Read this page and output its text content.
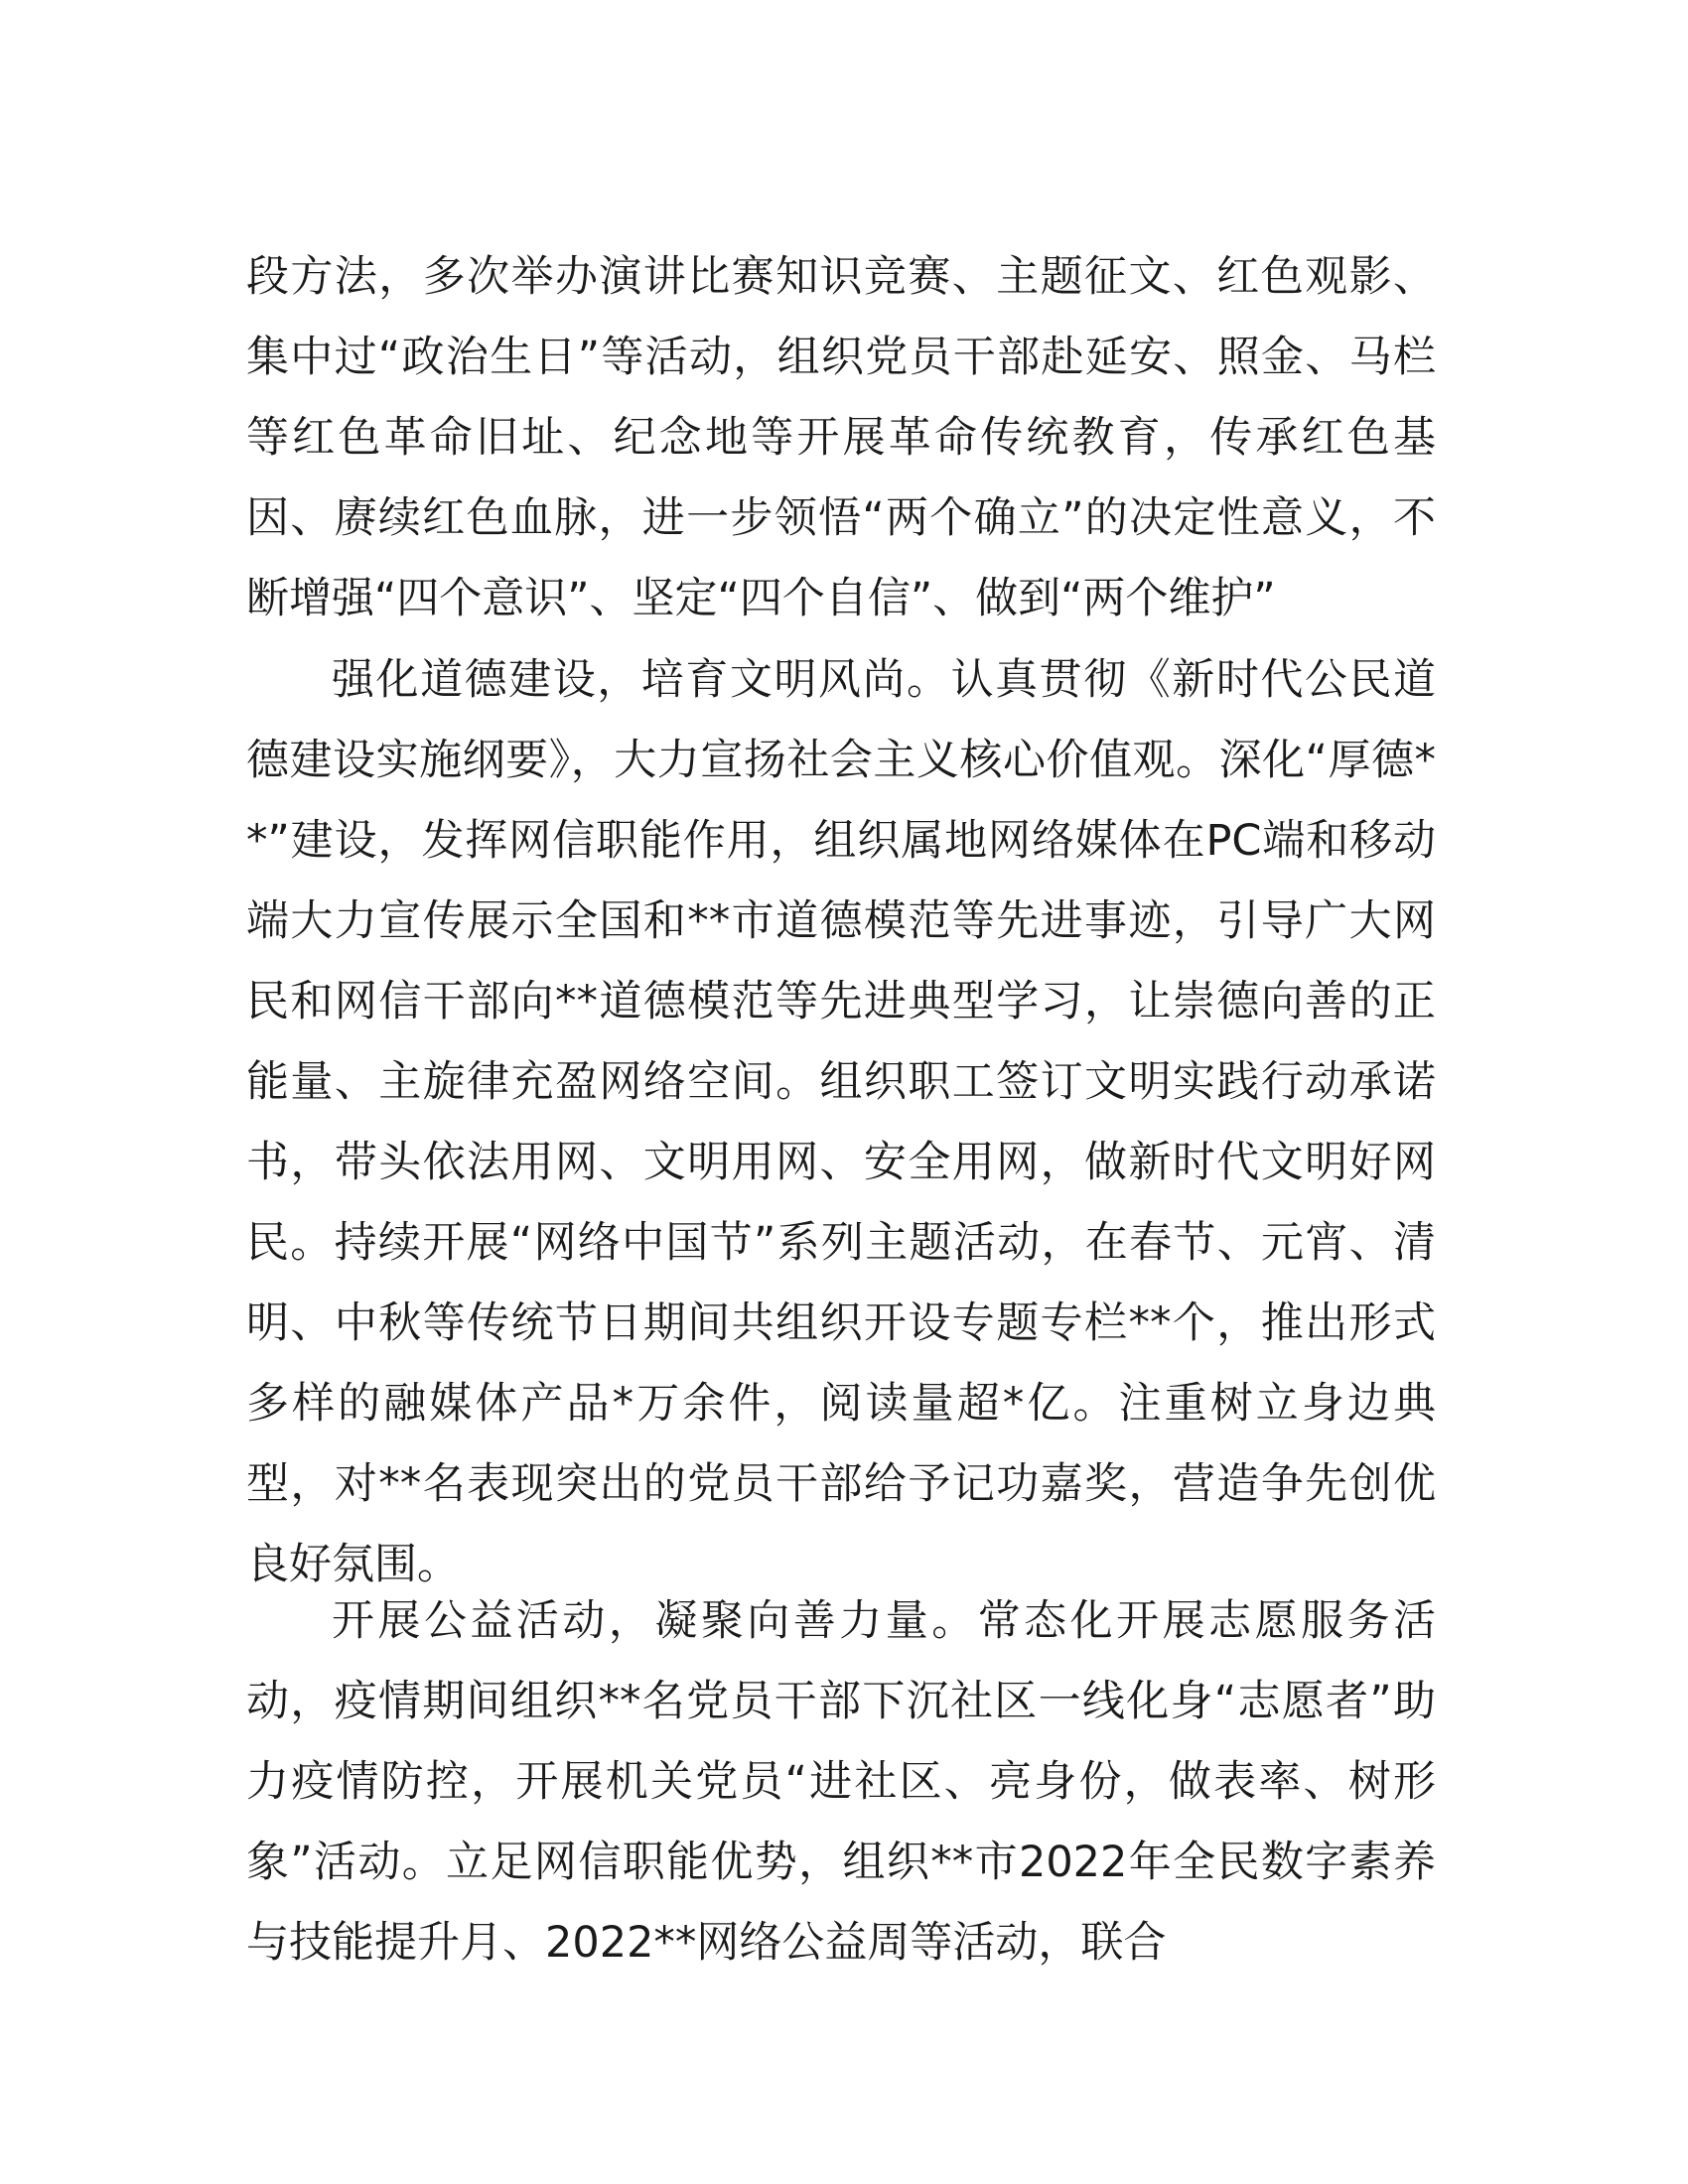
段方法，多次举办演讲比赛知识竞赛、主题征文、红色观影、集中过“政治生日”等活动，组织党员干部赴延安、照金、马栏等红色革命旧址、纪念地等开展革命传统教育，传承红色基因、赓续红色血脉，进一步领悟“两个确立”的决定性意义，不断增强“四个意识”、坚定“四个自信”、做到“两个维护”

强化道德建设，培育文明风尚。认真贯彻《新时代公民道德建设实施纲要》，大力宣扬社会主义核心价值观。深化“厚德**”建设，发挥网信职能作用，组织属地网络媒体在PC端和移动端大力宣传展示全国和**市道德模范等先进事迹，引导广大网民和网信干部向**道德模范等先进典型学习，让崇德向善的正能量、主旋律充盈网络空间。组织职工签订文明实践行动承诺书，带头依法用网、文明用网、安全用网，做新时代文明好网民。持续开展“网络中国节”系列主题活动，在春节、元宵、清明、中秋等传统节日期间共组织开设专题专栏**个，推出形式多样的融媒体产品*万余件，阅读量超*亿。注重树立身边典型，对**名表现突出的党员干部给予记功嘉奖，营造争先创优良好氛围。

开展公益活动，凝聚向善力量。常态化开展志愿服务活动，疫情期间组织**名党员干部下沉社区一线化身“志愿者”助力疫情防控，开展机关党员“进社区、亮身份，做表率、树形象”活动。立足网信职能优势，组织**市2022年全民数字素养与技能提升月、2022**网络公益周等活动，联合
